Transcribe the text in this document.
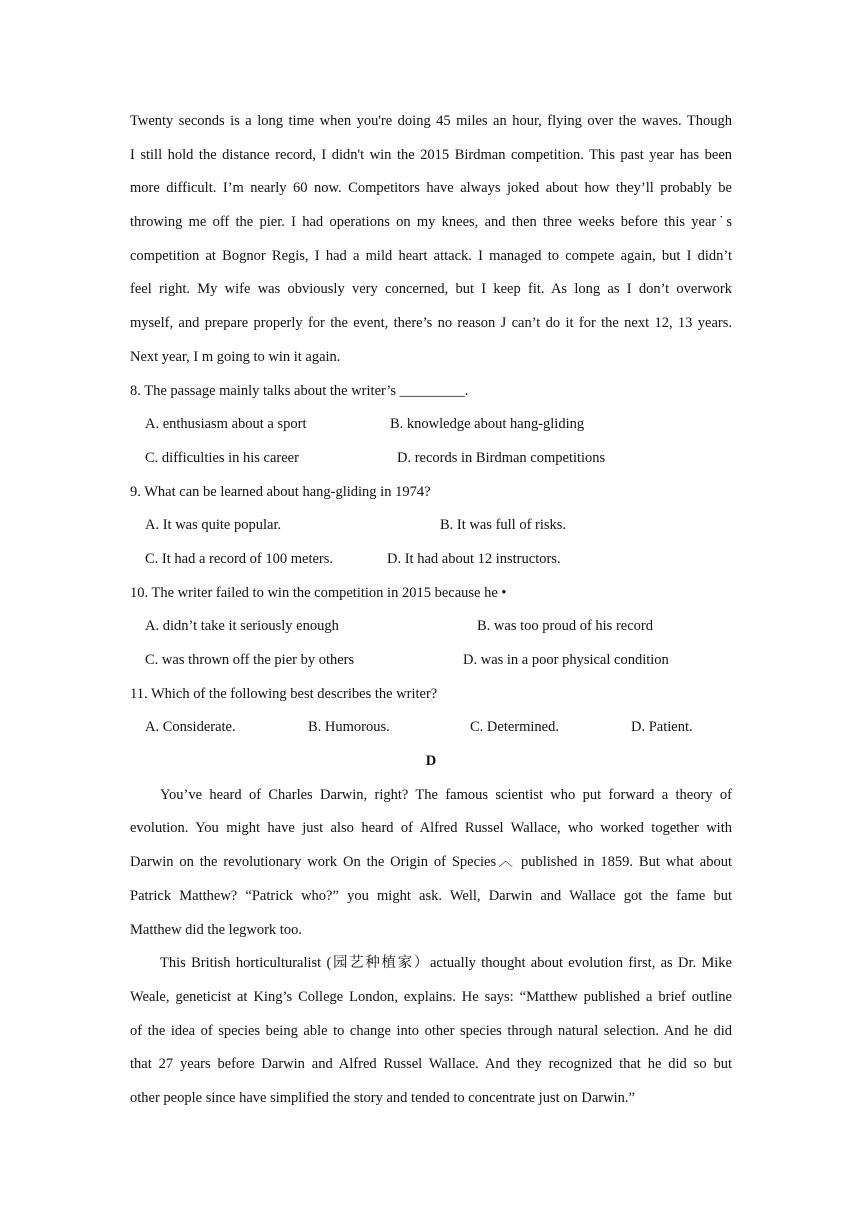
Twenty seconds is a long time when you're doing 45 miles an hour, flying over the waves. Though
I still hold the distance record, I didn't win the 2015 Birdman competition. This past year has been
more difficult. I’m nearly 60 now. Competitors have always joked about how they’ll probably be
throwing me off the pier. I had operations on my knees, and then three weeks before this year˙s
competition at Bognor Regis, I had a mild heart attack. I managed to compete again, but I didn’t
feel right. My wife was obviously very concerned, but I keep fit. As long as I don’t overwork
myself, and prepare properly for the event, there’s no reason J can’t do it for the next 12, 13 years.
Next year, I m going to win it again.
8. The passage mainly talks about the writer’s _________.
A. enthusiasm about a sport	B. knowledge about hang-gliding
C. difficulties in his career	D. records in Birdman competitions
9. What can be learned about hang-gliding in 1974?
A. It was quite popular.	B. It was full of risks.
C. It had a record of 100 meters.	D. It had about 12 instructors.
10. The writer failed to win the competition in 2015 because he •
A. didn’t take it seriously enough	B. was too proud of his record
C. was thrown off the pier by others	D. was in a poor physical condition
11. Which of the following best describes the writer?
A. Considerate.	B. Humorous.	C. Determined.	D. Patient.
D
You’ve heard of Charles Darwin, right? The famous scientist who put forward a theory of
evolution. You might have just also heard of Alfred Russel Wallace, who worked together with
Darwin on the revolutionary work On the Origin of Species︿ published in 1859. But what about
Patrick Matthew? “Patrick who?” you might ask. Well, Darwin and Wallace got the fame but
Matthew did the legwork too.
This British horticulturalist (园艺种植家）actually thought about evolution first, as Dr. Mike
Weale, geneticist at King’s College London, explains. He says: “Matthew published a brief outline
of the idea of species being able to change into other species through natural selection. And he did
that 27 years before Darwin and Alfred Russel Wallace. And they recognized that he did so but
other people since have simplified the story and tended to concentrate just on Darwin.”
